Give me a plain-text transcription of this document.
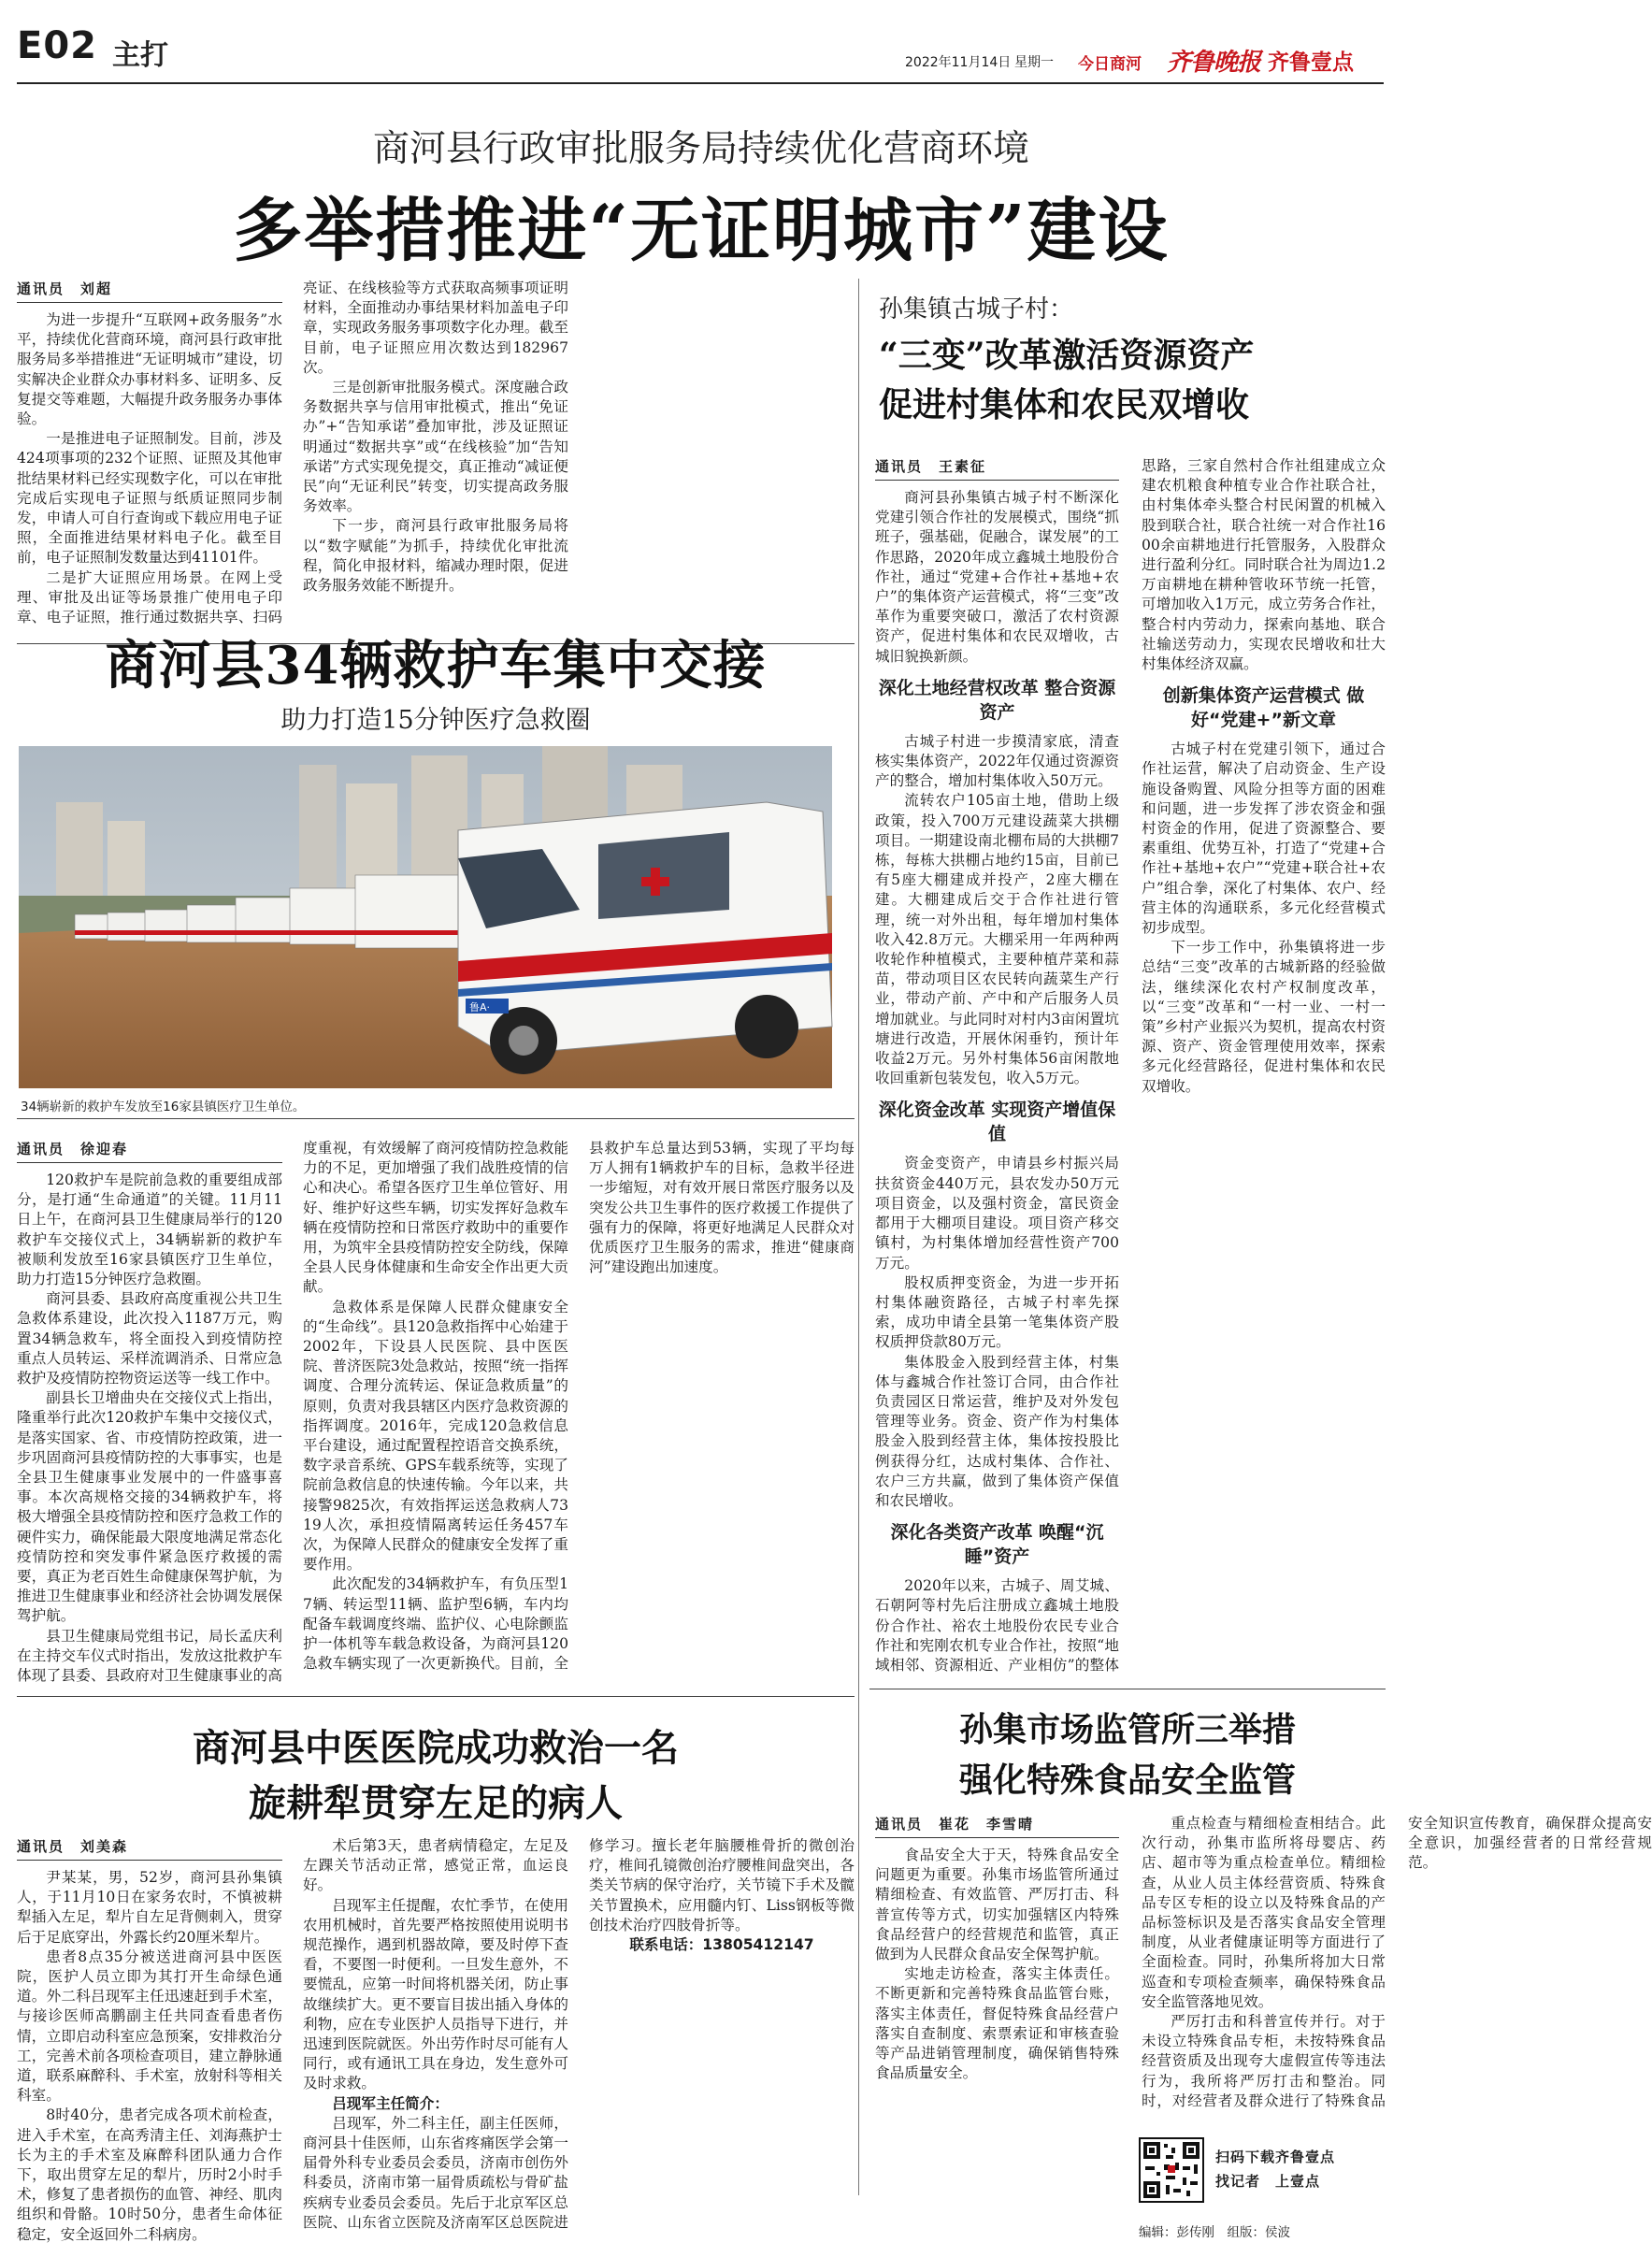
E02 主打	2022年11月14日 星期一 今日商河 齐鲁晚报 齐鲁壹点
商河县行政审批服务局持续优化营商环境
多举措推进“无证明城市”建设
通讯员　刘超

为进一步提升“互联网+政务服务”水平，持续优化营商环境，商河县行政审批服务局多举措推进“无证明城市”建设，切实解决企业群众办事材料多、证明多、反复提交等难题，大幅提升政务服务办事体验。

一是推进电子证照制发。目前，涉及424项事项的232个证照、证照及其他审批结果材料已经实现数字化，可以在审批完成后实现电子证照与纸质证照同步制发，申请人可自行查询或下载应用电子证照，全面推进结果材料电子化。截至目前，电子证照制发数量达到41101件。

二是扩大证照应用场景。在网上受理、审批及出证等场景推广使用电子印章、电子证照，推行通过数据共享、扫码亮证、在线核验等方式获取高频事项证明材料，全面推动办事结果材料加盖电子印章，实现政务服务事项数字化办理。截至目前，电子证照应用次数达到182967次。

三是创新审批服务模式。深度融合政务数据共享与信用审批模式，推出“免证办”+“告知承诺”叠加审批，涉及证照证明通过“数据共享”或“在线核验”加“告知承诺”方式实现免提交，真正推动“减证便民”向“无证利民”转变，切实提高政务服务效率。

下一步，商河县行政审批服务局将以“数字赋能”为抓手，持续优化审批流程，简化申报材料，缩减办理时限，促进政务服务效能不断提升。

孙集镇古城子村：
“三变”改革激活资源资产
促进村集体和农民双增收
通讯员　王素征

商河县孙集镇古城子村不断深化党建引领合作社的发展模式，围绕“抓班子，强基础，促融合，谋发展”的工作思路，2020年成立鑫城土地股份合作社，通过“党建+合作社+基地+农户”的集体资产运营模式，将“三变”改革作为重要突破口，激活了农村资源资产，促进村集体和农民双增收，古城旧貌换新颜。

深化土地经营权改革 整合资源资产

古城子村进一步摸清家底，清查核实集体资产，2022年仅通过资源资产的整合，增加村集体收入50万元。

流转农户105亩土地，借助上级政策，投入700万元建设蔬菜大拱棚项目。一期建设南北棚布局的大拱棚7栋，每栋大拱棚占地约15亩，目前已有5座大棚建成并投产，2座大棚在建。大棚建成后交于合作社进行管理，统一对外出租，每年增加村集体收入42.8万元。大棚采用一年两种两收轮作种植模式，主要种植芹菜和蒜苗，带动项目区农民转向蔬菜生产行业，带动产前、产中和产后服务人员增加就业。与此同时对村内3亩闲置坑塘进行改造，开展休闲垂钓，预计年收益2万元。另外村集体56亩闲散地收回重新包装发包，收入5万元。

深化资金改革 实现资产增值保值

资金变资产，申请县乡村振兴局扶贫资金440万元，县农发办50万元项目资金，以及强村资金，富民资金都用于大棚项目建设。项目资产移交镇村，为村集体增加经营性资产700万元。

股权质押变资金，为进一步开拓村集体融资路径，古城子村率先探索，成功申请全县第一笔集体资产股权质押贷款80万元。

集体股金入股到经营主体，村集体与鑫城合作社签订合同，由合作社负责园区日常运营，维护及对外发包管理等业务。资金、资产作为村集体股金入股到经营主体，集体按投股比例获得分红，达成村集体、合作社、农户三方共赢，做到了集体资产保值和农民增收。

深化各类资产改革 唤醒“沉睡”资产

2020年以来，古城子、周艾城、石朝阿等村先后注册成立鑫城土地股份合作社、裕农土地股份农民专业合作社和宪刚农机专业合作社，按照“地域相邻、资源相近、产业相仿”的整体思路，三家自然村合作社组建成立众建农机粮食种植专业合作社联合社，由村集体牵头整合村民闲置的机械入股到联合社，联合社统一对合作社1600余亩耕地进行托管服务，入股群众进行盈利分红。同时联合社为周边1.2万亩耕地在耕种管收环节统一托管，可增加收入1万元，成立劳务合作社，整合村内劳动力，探索向基地、联合社输送劳动力，实现农民增收和壮大村集体经济双赢。

创新集体资产运营模式 做好“党建+”新文章

古城子村在党建引领下，通过合作社运营，解决了启动资金、生产设施设备购置、风险分担等方面的困难和问题，进一步发挥了涉农资金和强村资金的作用，促进了资源整合、要素重组、优势互补，打造了“党建+合作社+基地+农户”“党建+联合社+农户”组合拳，深化了村集体、农户、经营主体的沟通联系，多元化经营模式初步成型。

下一步工作中，孙集镇将进一步总结“三变”改革的古城新路的经验做法，继续深化农村产权制度改革，以“三变”改革和“一村一业、一村一策”乡村产业振兴为契机，提高农村资源、资产、资金管理使用效率，探索多元化经营路径，促进村集体和农民双增收。

商河县34辆救护车集中交接
助力打造15分钟医疗急救圈
鲁A·
34辆崭新的救护车发放至16家县镇医疗卫生单位。
通讯员　徐迎春

120救护车是院前急救的重要组成部分，是打通“生命通道”的关键。11月11日上午，在商河县卫生健康局举行的120救护车交接仪式上，34辆崭新的救护车被顺利发放至16家县镇医疗卫生单位，助力打造15分钟医疗急救圈。

商河县委、县政府高度重视公共卫生急救体系建设，此次投入1187万元，购置34辆急救车，将全面投入到疫情防控重点人员转运、采样流调消杀、日常应急救护及疫情防控物资运送等一线工作中。

副县长卫增曲央在交接仪式上指出，隆重举行此次120救护车集中交接仪式，是落实国家、省、市疫情防控政策，进一步巩固商河县疫情防控的大事事实，也是全县卫生健康事业发展中的一件盛事喜事。本次高规格交接的34辆救护车，将极大增强全县疫情防控和医疗急救工作的硬件实力，确保能最大限度地满足常态化疫情防控和突发事件紧急医疗救援的需要，真正为老百姓生命健康保驾护航，为推进卫生健康事业和经济社会协调发展保驾护航。

县卫生健康局党组书记，局长孟庆利在主持交车仪式时指出，发放这批救护车体现了县委、县政府对卫生健康事业的高度重视，有效缓解了商河疫情防控急救能力的不足，更加增强了我们战胜疫情的信心和决心。希望各医疗卫生单位管好、用好、维护好这些车辆，切实发挥好急救车辆在疫情防控和日常医疗救助中的重要作用，为筑牢全县疫情防控安全防线，保障全县人民身体健康和生命安全作出更大贡献。

急救体系是保障人民群众健康安全的“生命线”。县120急救指挥中心始建于2002年，下设县人民医院、县中医医院、普济医院3处急救站，按照“统一指挥调度、合理分流转运、保证急救质量”的原则，负责对我县辖区内医疗急救资源的指挥调度。2016年，完成120急救信息平台建设，通过配置程控语音交换系统，数字录音系统、GPS车载系统等，实现了院前急救信息的快速传输。今年以来，共接警9825次，有效指挥运送急救病人7319人次，承担疫情隔离转运任务457车次，为保障人民群众的健康安全发挥了重要作用。

此次配发的34辆救护车，有负压型17辆、转运型11辆、监护型6辆，车内均配备车载调度终端、监护仪、心电除颤监护一体机等车载急救设备，为商河县120急救车辆实现了一次更新换代。目前，全县救护车总量达到53辆，实现了平均每万人拥有1辆救护车的目标，急救半径进一步缩短，对有效开展日常医疗服务以及突发公共卫生事件的医疗救援工作提供了强有力的保障，将更好地满足人民群众对优质医疗卫生服务的需求，推进“健康商河”建设跑出加速度。

商河县中医医院成功救治一名
旋耕犁贯穿左足的病人
通讯员　刘美森

尹某某，男，52岁，商河县孙集镇人，于11月10日在家务农时，不慎被耕犁插入左足，犁片自左足背侧刺入，贯穿后于足底穿出，外露长约20厘米犁片。

患者8点35分被送进商河县中医医院，医护人员立即为其打开生命绿色通道。外二科吕现军主任迅速赶到手术室，与接诊医师高鹏副主任共同查看患者伤情，立即启动科室应急预案，安排救治分工，完善术前各项检查项目，建立静脉通道，联系麻醉科、手术室，放射科等相关科室。

8时40分，患者完成各项术前检查，进入手术室，在高秀清主任、刘海燕护士长为主的手术室及麻醉科团队通力合作下，取出贯穿左足的犁片，历时2小时手术，修复了患者损伤的血管、神经、肌肉组织和骨骼。10时50分，患者生命体征稳定，安全返回外二科病房。

术后第3天，患者病情稳定，左足及左踝关节活动正常，感觉正常，血运良好。

吕现军主任提醒，农忙季节，在使用农用机械时，首先要严格按照使用说明书规范操作，遇到机器故障，要及时停下查看，不要图一时便利。一旦发生意外，不要慌乱，应第一时间将机器关闭，防止事故继续扩大。更不要盲目拔出插入身体的利物，应在专业医护人员指导下进行，并迅速到医院就医。外出劳作时尽可能有人同行，或有通讯工具在身边，发生意外可及时求救。

吕现军主任简介：

吕现军，外二科主任，副主任医师，商河县十佳医师，山东省疼痛医学会第一届骨外科专业委员会委员，济南市创伤外科委员，济南市第一届骨质疏松与骨矿盐疾病专业委员会委员。先后于北京军区总医院、山东省立医院及济南军区总医院进修学习。擅长老年脑腰椎骨折的微创治疗，椎间孔镜微创治疗腰椎间盘突出，各类关节病的保守治疗，关节镜下手术及髋关节置换术，应用髓内钉、Liss钢板等微创技术治疗四肢骨折等。

联系电话：13805412147

孙集市场监管所三举措
强化特殊食品安全监管
通讯员　崔花　李雪晴

食品安全大于天，特殊食品安全问题更为重要。孙集市场监管所通过精细检查、有效监管、严厉打击、科普宣传等方式，切实加强辖区内特殊食品经营户的经营规范和监管，真正做到为人民群众食品安全保驾护航。

实地走访检查，落实主体责任。不断更新和完善特殊食品监管台账，落实主体责任，督促特殊食品经营户落实自查制度、索票索证和审核查验等产品进销管理制度，确保销售特殊食品质量安全。

重点检查与精细检查相结合。此次行动，孙集市监所将母婴店、药店、超市等为重点检查单位。精细检查，从业人员主体经营资质、特殊食品专区专柜的设立以及特殊食品的产品标签标识及是否落实食品安全管理制度，从业者健康证明等方面进行了全面检查。同时，孙集所将加大日常巡查和专项检查频率，确保特殊食品安全监管落地见效。

严厉打击和科普宣传并行。对于未设立特殊食品专柜，未按特殊食品经营资质及出现夸大虚假宣传等违法行为，我所将严厉打击和整治。同时，对经营者及群众进行了特殊食品安全知识宣传教育，确保群众提高安全意识，加强经营者的日常经营规范。

扫码下载齐鲁壹点
找记者　上壹点
编辑：彭传刚　组版：侯波
